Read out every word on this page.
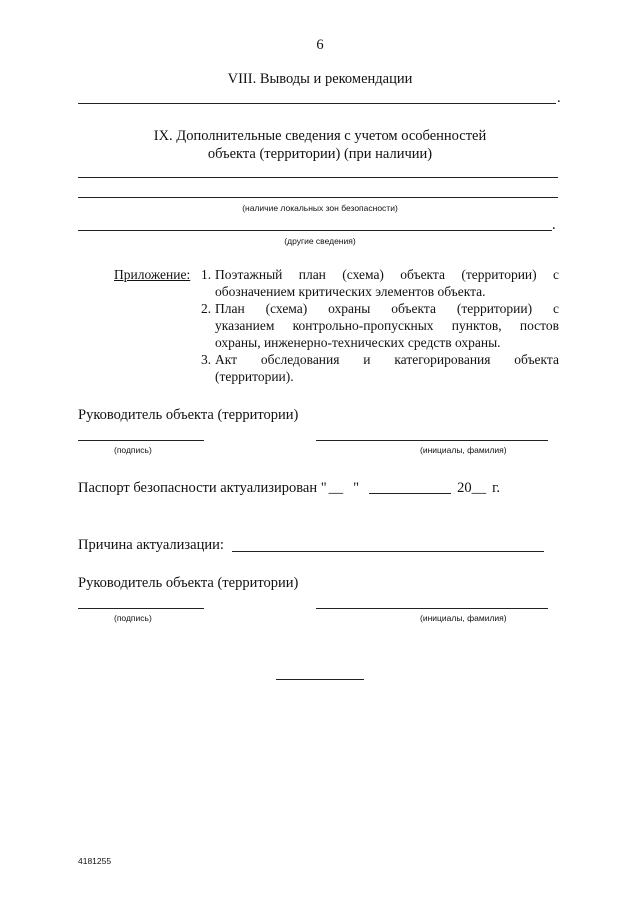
6
VIII. Выводы и рекомендации
.
IX. Дополнительные сведения с учетом особенностей
объекта (территории) (при наличии)
(наличие локальных зон безопасности)
.
(другие сведения)
Приложение: 1. Поэтажный план (схема) объекта (территории) с
обозначением критических элементов объекта.
2. План (схема) охраны объекта (территории) с
указанием контрольно-пропускных пунктов, постов
охраны, инженерно-технических средств охраны.
3. Акт обследования и категорирования объекта
(территории).
Руководитель объекта (территории)
(подпись)	(инициалы, фамилия)
Паспорт безопасности актуализирован " __ "	20__ г.
Причина актуализации:
Руководитель объекта (территории)
(подпись)	(инициалы, фамилия)
4181255
